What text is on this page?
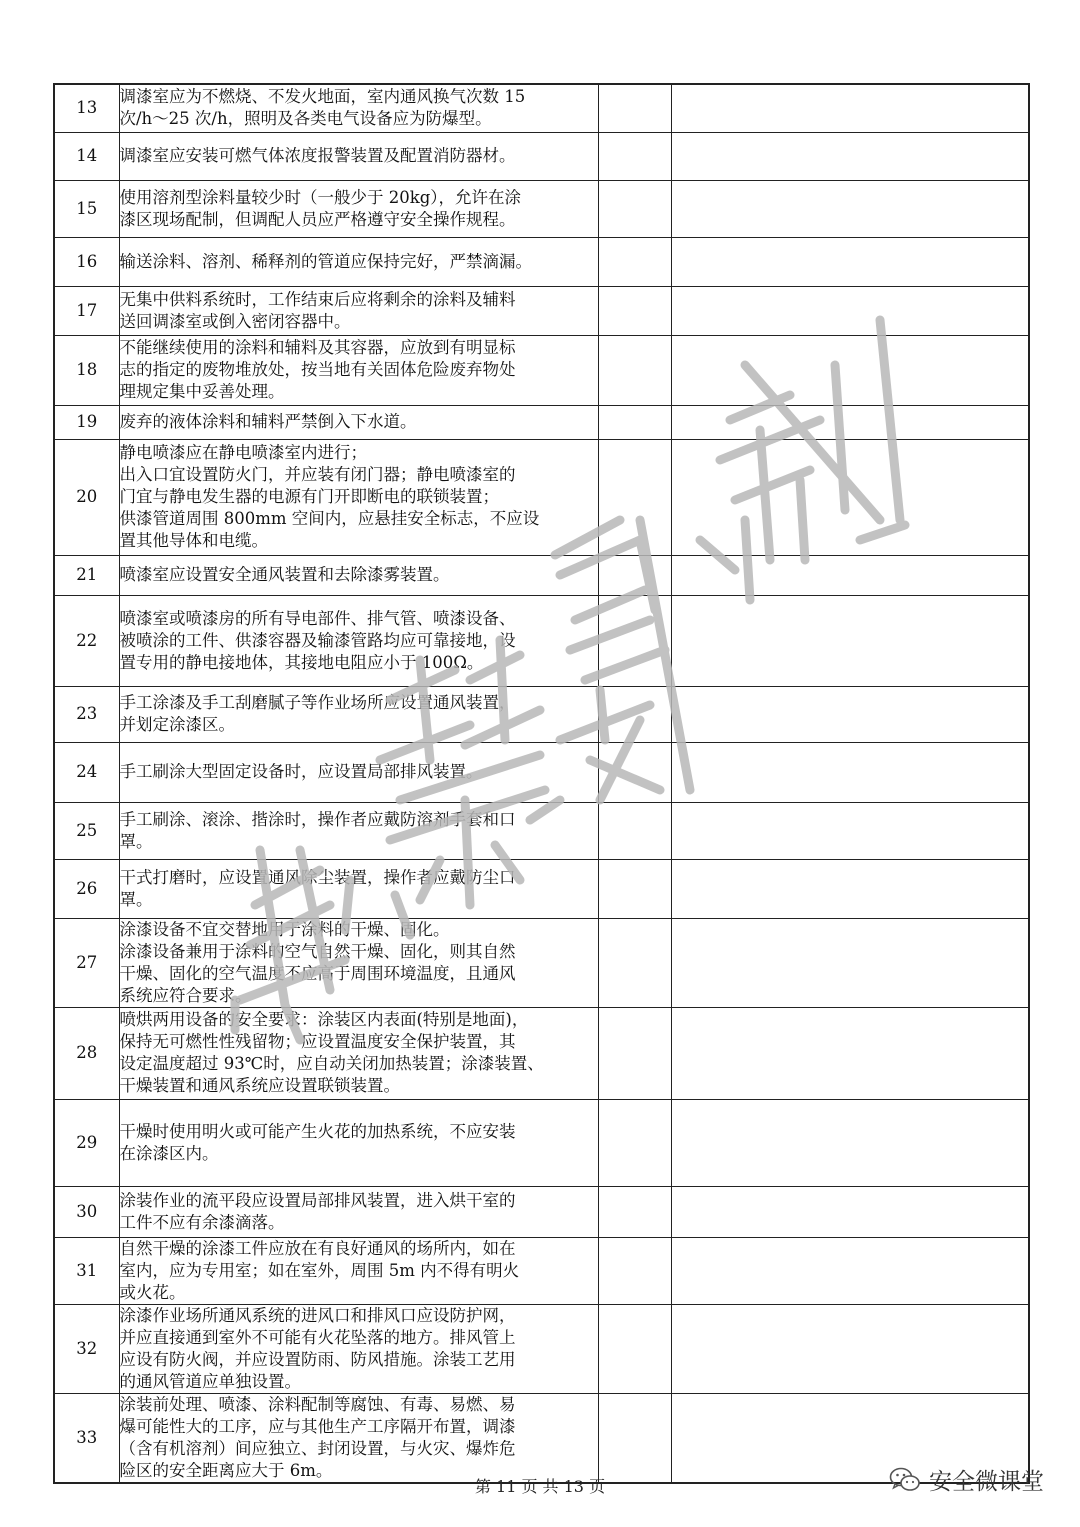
13	调漆室应为不燃烧、不发火地面，室内通风换气次数 15
次/h～25 次/h，照明及各类电气设备应为防爆型。		

14	调漆室应安装可燃气体浓度报警装置及配置消防器材。		

15	使用溶剂型涂料量较少时（一般少于 20kg），允许在涂
漆区现场配制，但调配人员应严格遵守安全操作规程。		

16	输送涂料、溶剂、稀释剂的管道应保持完好，严禁滴漏。		

17	无集中供料系统时，工作结束后应将剩余的涂料及辅料
送回调漆室或倒入密闭容器中。		

18	不能继续使用的涂料和辅料及其容器，应放到有明显标
志的指定的废物堆放处，按当地有关固体危险废弃物处
理规定集中妥善处理。		

19	废弃的液体涂料和辅料严禁倒入下水道。		

20	静电喷漆应在静电喷漆室内进行；
出入口宜设置防火门，并应装有闭门器；静电喷漆室的
门宜与静电发生器的电源有门开即断电的联锁装置；
供漆管道周围 800mm 空间内，应悬挂安全标志，不应设
置其他导体和电缆。		

21	喷漆室应设置安全通风装置和去除漆雾装置。		

22	喷漆室或喷漆房的所有导电部件、排气管、喷漆设备、
被喷涂的工件、供漆容器及输漆管路均应可靠接地，设
置专用的静电接地体，其接地电阻应小于 100Ω。		

23	手工涂漆及手工刮磨腻子等作业场所应设置通风装置，
并划定涂漆区。		

24	手工刷涂大型固定设备时，应设置局部排风装置。		

25	手工刷涂、滚涂、揩涂时，操作者应戴防溶剂手套和口
罩。		

26	干式打磨时，应设置通风除尘装置，操作者应戴防尘口
罩。		

27	涂漆设备不宜交替地用于涂料的干燥、固化。
涂漆设备兼用于涂料的空气自然干燥、固化，则其自然
干燥、固化的空气温度不应高于周围环境温度，且通风
系统应符合要求。		

28	喷烘两用设备的安全要求：涂装区内表面(特别是地面)，
保持无可燃性性残留物；应设置温度安全保护装置，其
设定温度超过 93℃时，应自动关闭加热装置；涂漆装置、
干燥装置和通风系统应设置联锁装置。		

29	干燥时使用明火或可能产生火花的加热系统，不应安装
在涂漆区内。		

30	涂装作业的流平段应设置局部排风装置，进入烘干室的
工件不应有余漆滴落。		

31	自然干燥的涂漆工件应放在有良好通风的场所内，如在
室内，应为专用室；如在室外，周围 5m 内不得有明火
或火花。		

32	涂漆作业场所通风系统的进风口和排风口应设防护网，
并应直接通到室外不可能有火花坠落的地方。排风管上
应设有防火阀，并应设置防雨、防风措施。涂装工艺用
的通风管道应单独设置。		

33	涂装前处理、喷漆、涂料配制等腐蚀、有毒、易燃、易
爆可能性大的工序，应与其他生产工序隔开布置，调漆
（含有机溶剂）间应独立、封闭设置，与火灾、爆炸危
险区的安全距离应大于 6m。		

第 11 页 共 13 页	安全微课堂
